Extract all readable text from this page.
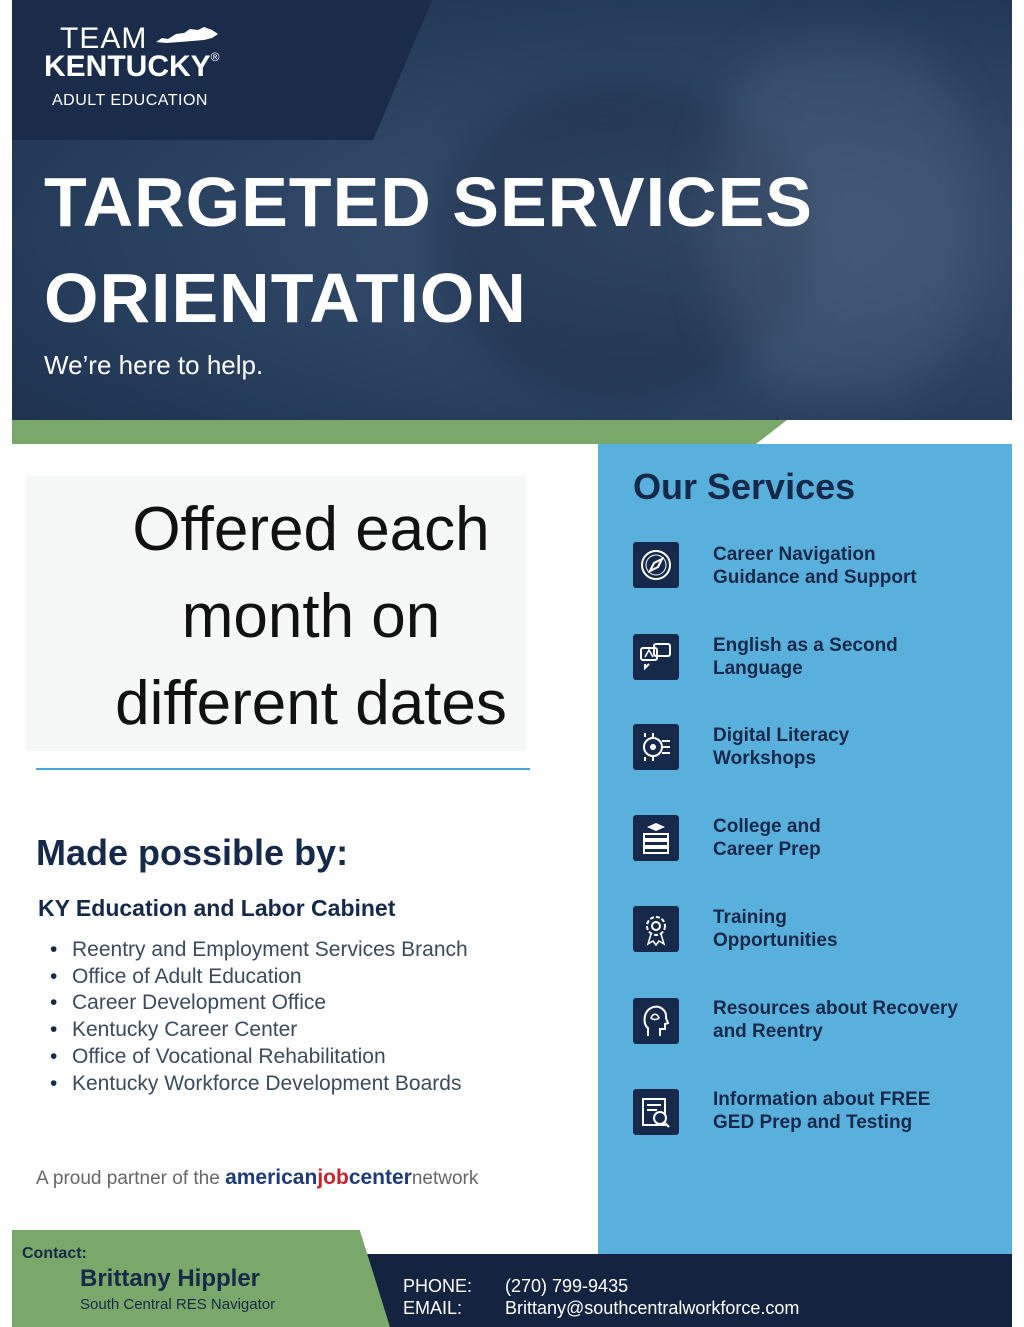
TEAM
KENTUCKY®
ADULT EDUCATION
TARGETED SERVICES
ORIENTATION
We’re here to help.
Our Services
Career Navigation
Guidance and Support
English as a Second
Language
Digital Literacy
Workshops
College and
Career Prep
Training
Opportunities
Resources about Recovery
and Reentry
Information about FREE
GED Prep and Testing
Offered each
month on
different dates
Made possible by:
KY Education and Labor Cabinet
• Reentry and Employment Services Branch
• Office of Adult Education
• Career Development Office
• Kentucky Career Center
• Office of Vocational Rehabilitation
• Kentucky Workforce Development Boards
A proud partner of the americanjobcenternetwork
Contact:
Brittany Hippler
South Central RES Navigator
PHONE: (270) 799-9435
EMAIL: Brittany@southcentralworkforce.com
